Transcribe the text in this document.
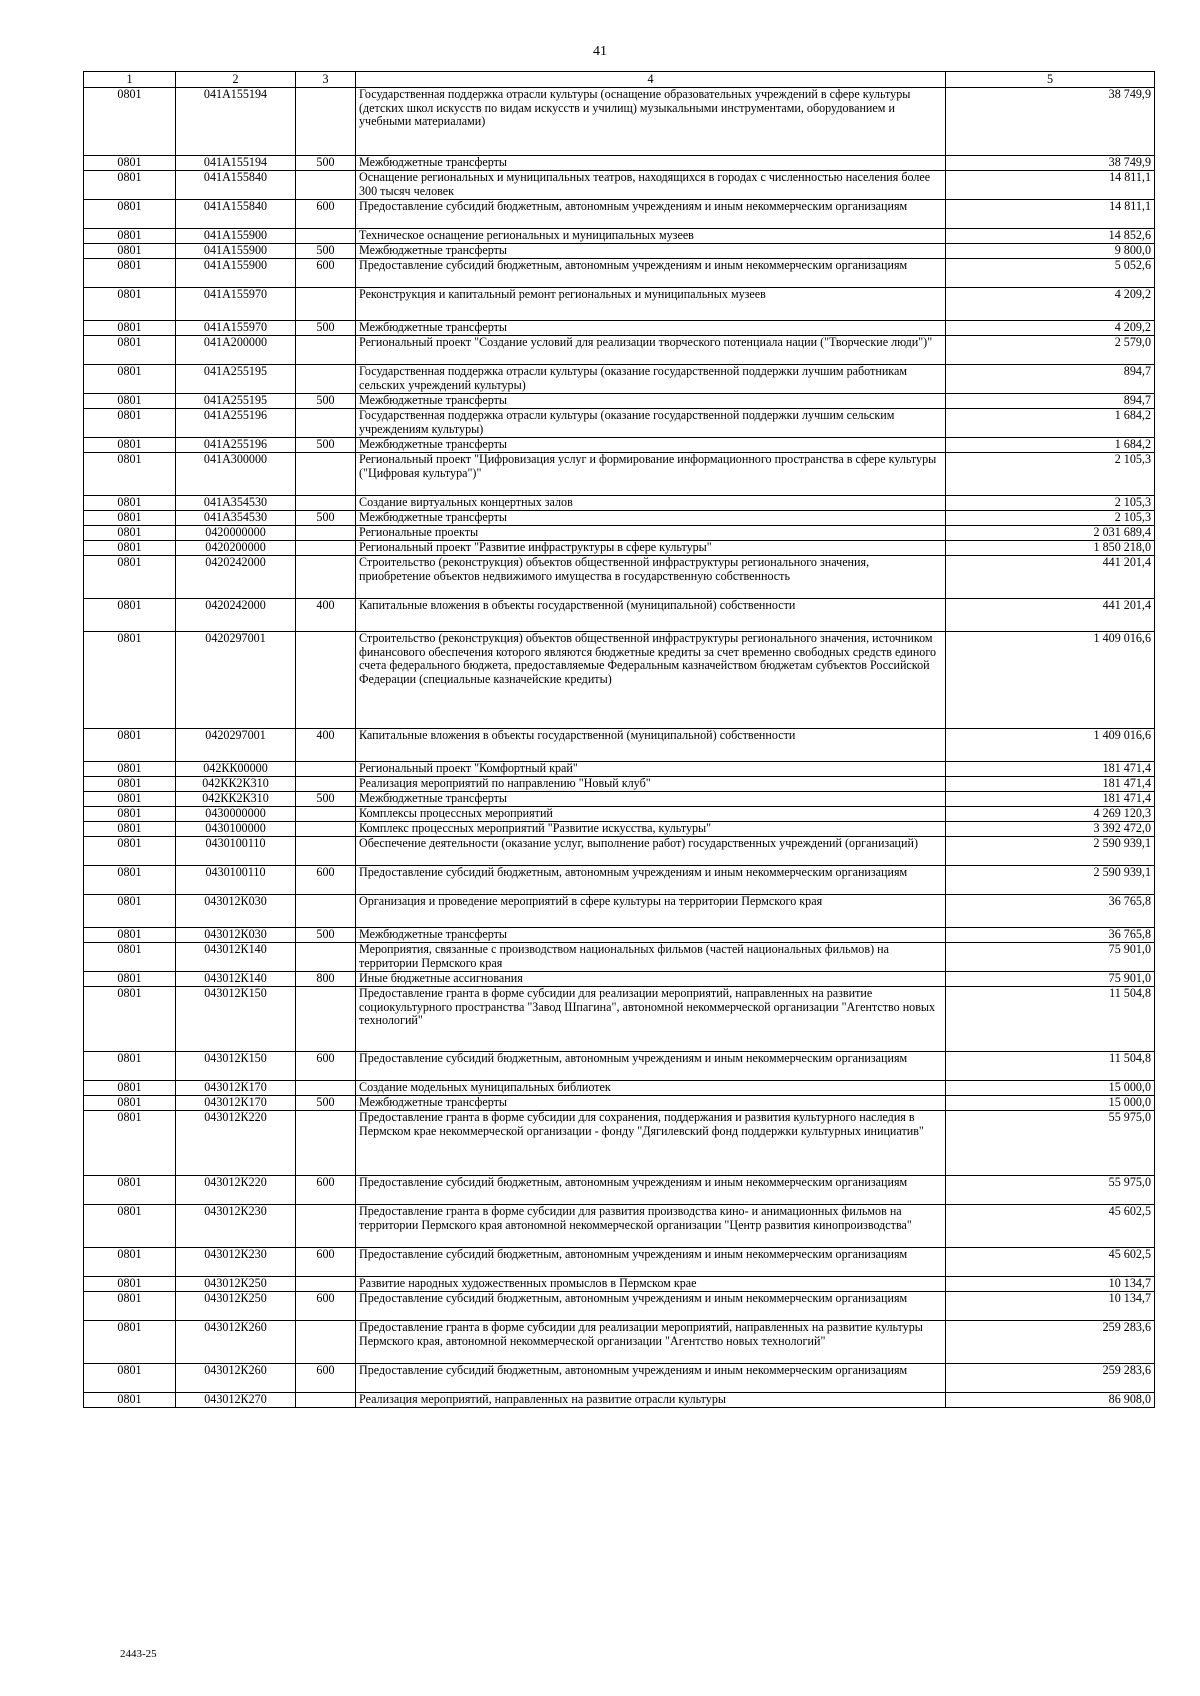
41
1	2	3	4	5
0801	041A155194		Государственная поддержка отрасли культуры (оснащение образовательных учреждений в сфере культуры (детских школ искусств по видам искусств и училищ) музыкальными инструментами, оборудованием и учебными материалами)	38 749,9
0801	041A155194	500	Межбюджетные трансферты	38 749,9
0801	041A155840		Оснащение региональных и муниципальных театров, находящихся в городах с численностью населения более 300 тысяч человек	14 811,1
0801	041A155840	600	Предоставление субсидий бюджетным, автономным учреждениям и иным некоммерческим организациям	14 811,1
0801	041A155900		Техническое оснащение региональных и муниципальных музеев	14 852,6
0801	041A155900	500	Межбюджетные трансферты	9 800,0
0801	041A155900	600	Предоставление субсидий бюджетным, автономным учреждениям и иным некоммерческим организациям	5 052,6
0801	041A155970		Реконструкция и капитальный ремонт региональных и муниципальных музеев	4 209,2
0801	041A155970	500	Межбюджетные трансферты	4 209,2
0801	041A200000		Региональный проект "Создание условий для реализации творческого потенциала нации ("Творческие люди")"	2 579,0
0801	041A255195		Государственная поддержка отрасли культуры (оказание государственной поддержки лучшим работникам сельских учреждений культуры)	894,7
0801	041A255195	500	Межбюджетные трансферты	894,7
0801	041A255196		Государственная поддержка отрасли культуры (оказание государственной поддержки лучшим сельским учреждениям культуры)	1 684,2
0801	041A255196	500	Межбюджетные трансферты	1 684,2
0801	041A300000		Региональный проект "Цифровизация услуг и формирование информационного пространства в сфере культуры ("Цифровая культура")"	2 105,3
0801	041A354530		Создание виртуальных концертных залов	2 105,3
0801	041A354530	500	Межбюджетные трансферты	2 105,3
0801	0420000000		Региональные проекты	2 031 689,4
0801	0420200000		Региональный проект "Развитие инфраструктуры в сфере культуры"	1 850 218,0
0801	0420242000		Строительство (реконструкция) объектов общественной инфраструктуры регионального значения, приобретение объектов недвижимого имущества в государственную собственность	441 201,4
0801	0420242000	400	Капитальные вложения в объекты государственной (муниципальной) собственности	441 201,4
0801	0420297001		Строительство (реконструкция) объектов общественной инфраструктуры регионального значения, источником финансового обеспечения которого являются бюджетные кредиты за счет временно свободных средств единого счета федерального бюджета, предоставляемые Федеральным казначейством бюджетам субъектов Российской Федерации (специальные казначейские кредиты)	1 409 016,6
0801	0420297001	400	Капитальные вложения в объекты государственной (муниципальной) собственности	1 409 016,6
0801	042КК00000		Региональный проект "Комфортный край"	181 471,4
0801	042КК2К310		Реализация мероприятий по направлению "Новый клуб"	181 471,4
0801	042КК2К310	500	Межбюджетные трансферты	181 471,4
0801	0430000000		Комплексы процессных мероприятий	4 269 120,3
0801	0430100000		Комплекс процессных мероприятий "Развитие искусства, культуры"	3 392 472,0
0801	0430100110		Обеспечение деятельности (оказание услуг, выполнение работ) государственных учреждений (организаций)	2 590 939,1
0801	0430100110	600	Предоставление субсидий бюджетным, автономным учреждениям и иным некоммерческим организациям	2 590 939,1
0801	043012К030		Организация и проведение мероприятий в сфере культуры на территории Пермского края	36 765,8
0801	043012К030	500	Межбюджетные трансферты	36 765,8
0801	043012К140		Мероприятия, связанные с производством национальных фильмов (частей национальных фильмов) на территории Пермского края	75 901,0
0801	043012К140	800	Иные бюджетные ассигнования	75 901,0
0801	043012К150		Предоставление гранта в форме субсидии для реализации мероприятий, направленных на развитие социокультурного пространства "Завод Шпагина", автономной некоммерческой организации "Агентство новых технологий"	11 504,8
0801	043012К150	600	Предоставление субсидий бюджетным, автономным учреждениям и иным некоммерческим организациям	11 504,8
0801	043012К170		Создание модельных муниципальных библиотек	15 000,0
0801	043012К170	500	Межбюджетные трансферты	15 000,0
0801	043012К220		Предоставление гранта в форме субсидии для сохранения, поддержания и развития культурного наследия в Пермском крае некоммерческой организации - фонду "Дягилевский фонд поддержки культурных инициатив"	55 975,0
0801	043012К220	600	Предоставление субсидий бюджетным, автономным учреждениям и иным некоммерческим организациям	55 975,0
0801	043012К230		Предоставление гранта в форме субсидии для развития производства кино- и анимационных фильмов на территории Пермского края автономной некоммерческой организации "Центр развития кинопроизводства"	45 602,5
0801	043012К230	600	Предоставление субсидий бюджетным, автономным учреждениям и иным некоммерческим организациям	45 602,5
0801	043012К250		Развитие народных художественных промыслов в Пермском крае	10 134,7
0801	043012К250	600	Предоставление субсидий бюджетным, автономным учреждениям и иным некоммерческим организациям	10 134,7
0801	043012К260		Предоставление гранта в форме субсидии для реализации мероприятий, направленных на развитие культуры Пермского края, автономной некоммерческой организации "Агентство новых технологий"	259 283,6
0801	043012К260	600	Предоставление субсидий бюджетным, автономным учреждениям и иным некоммерческим организациям	259 283,6
0801	043012К270		Реализация мероприятий, направленных на развитие отрасли культуры	86 908,0
2443-25
